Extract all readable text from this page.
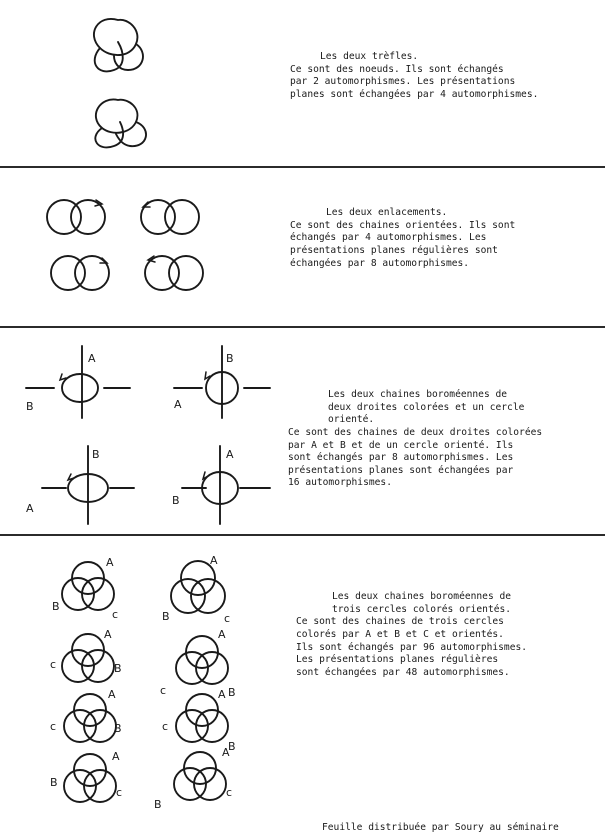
Les deux trèfles.
Ce sont des noeuds. Ils sont échangés
par 2 automorphismes. Les présentations
planes sont échangées par 4 automorphismes.

Les deux enlacements.
Ce sont des chaines orientées. Ils sont
échangés par 4 automorphismes. Les
présentations planes régulières sont
échangées par 8 automorphismes.

A
B
B
A
B
A
A
B

Les deux chaines boroméennes de
deux droites colorées et un cercle
orienté.
Ce sont des chaines de deux droites colorées
par A et B et de un cercle orienté. Ils
sont échangés par 8 automorphismes. Les
présentations planes sont échangées par
16 automorphismes.

A
B
c
A
c	B
A
c	B
A
B
c
A
B	c
A
c	B
A
c
B
A
B
c

Les deux chaines boroméennes de
trois cercles colorés orientés.
Ce sont des chaines de trois cercles
colorés par A et B et C et orientés.
Ils sont échangés par 96 automorphismes.
Les présentations planes régulières
sont échangées par 48 automorphismes.

Feuille distribuée par Soury au séminaire
